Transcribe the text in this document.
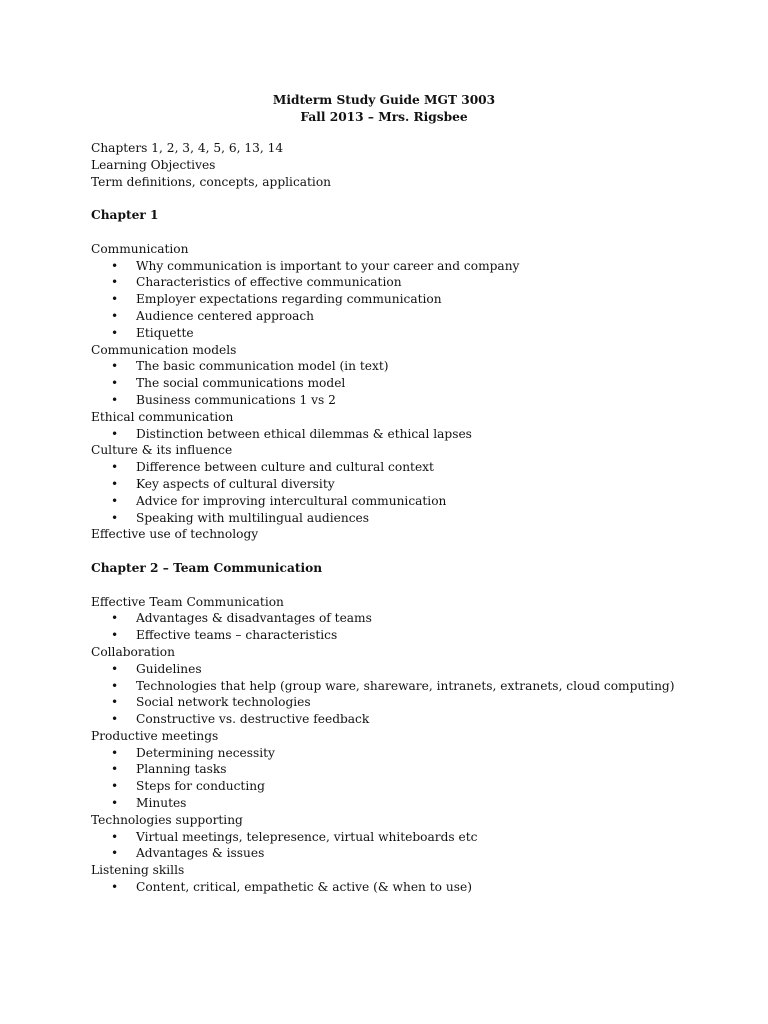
Midterm Study Guide MGT 3003
Fall 2013 – Mrs. Rigsbee
Chapters 1, 2, 3, 4, 5, 6, 13, 14
Learning Objectives
Term definitions, concepts, application
Chapter 1
Communication
• Why communication is important to your career and company
• Characteristics of effective communication
• Employer expectations regarding communication
• Audience centered approach
• Etiquette
Communication models
• The basic communication model (in text)
• The social communications model
• Business communications 1 vs 2
Ethical communication
• Distinction between ethical dilemmas & ethical lapses
Culture & its influence
• Difference between culture and cultural context
• Key aspects of cultural diversity
• Advice for improving intercultural communication
• Speaking with multilingual audiences
Effective use of technology
Chapter 2 – Team Communication
Effective Team Communication
• Advantages & disadvantages of teams
• Effective teams – characteristics
Collaboration
• Guidelines
• Technologies that help (group ware, shareware, intranets, extranets, cloud computing)
• Social network technologies
• Constructive vs. destructive feedback
Productive meetings
• Determining necessity
• Planning tasks
• Steps for conducting
• Minutes
Technologies supporting
• Virtual meetings, telepresence, virtual whiteboards etc
• Advantages & issues
Listening skills
• Content, critical, empathetic & active (& when to use)
